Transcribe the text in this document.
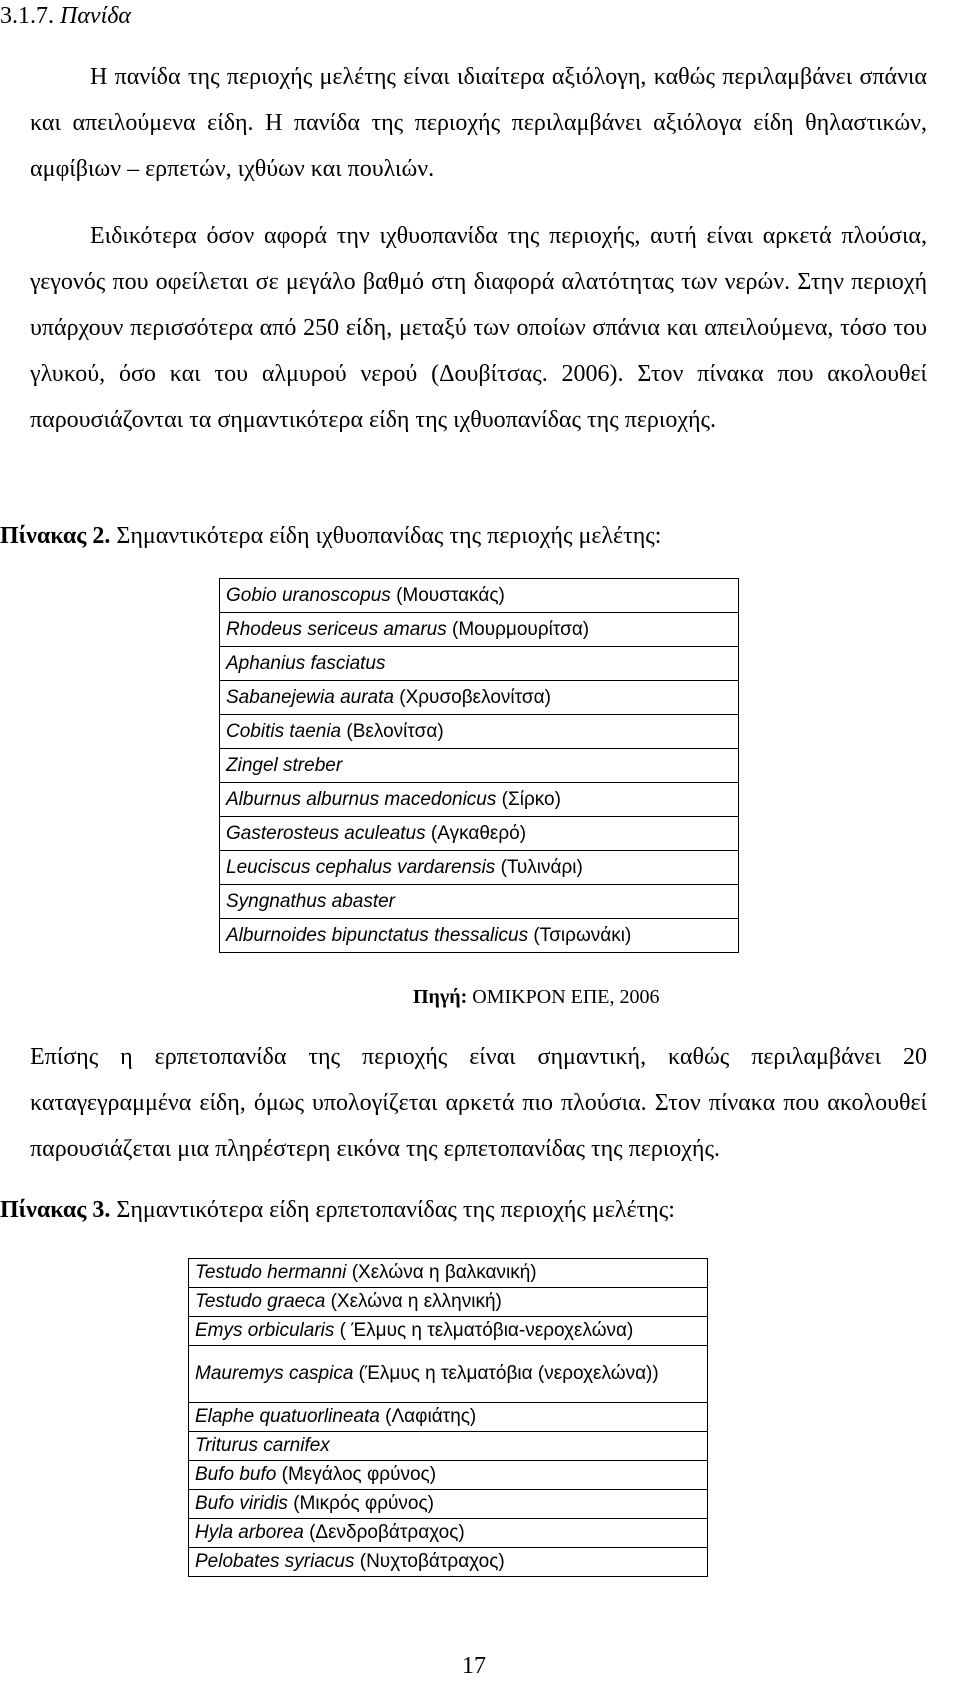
3.1.7. Πανίδα

Η πανίδα της περιοχής μελέτης είναι ιδιαίτερα αξιόλογη, καθώς περιλαμβάνει σπάνια και απειλούμενα είδη. Η πανίδα της περιοχής περιλαμβάνει αξιόλογα είδη θηλαστικών, αμφίβιων – ερπετών, ιχθύων και πουλιών.

Ειδικότερα όσον αφορά την ιχθυοπανίδα της περιοχής, αυτή είναι αρκετά πλούσια, γεγονός που οφείλεται σε μεγάλο βαθμό στη διαφορά αλατότητας των νερών. Στην περιοχή υπάρχουν περισσότερα από 250 είδη, μεταξύ των οποίων σπάνια και απειλούμενα, τόσο του γλυκού, όσο και του αλμυρού νερού (Δουβίτσας. 2006). Στον πίνακα που ακολουθεί παρουσιάζονται τα σημαντικότερα είδη της ιχθυοπανίδας της περιοχής.

Πίνακας 2. Σημαντικότερα είδη ιχθυοπανίδας της περιοχής μελέτης:
Gobio uranoscopus (Μουστακάς)
Rhodeus sericeus amarus (Μουρμουρίτσα)
Aphanius fasciatus
Sabanejewia aurata (Χρυσοβελονίτσα)
Cobitis taenia (Βελονίτσα)
Zingel streber
Alburnus alburnus macedonicus (Σίρκο)
Gasterosteus aculeatus (Αγκαθερό)
Leuciscus cephalus vardarensis (Τυλινάρι)
Syngnathus abaster
Alburnoides bipunctatus thessalicus (Τσιρωνάκι)
Πηγή: ΟΜΙΚΡΟΝ ΕΠΕ, 2006

Επίσης η ερπετοπανίδα της περιοχής είναι σημαντική, καθώς περιλαμβάνει 20 καταγεγραμμένα είδη, όμως υπολογίζεται αρκετά πιο πλούσια. Στον πίνακα που ακολουθεί παρουσιάζεται μια πληρέστερη εικόνα της ερπετοπανίδας της περιοχής.

Πίνακας 3. Σημαντικότερα είδη ερπετοπανίδας της περιοχής μελέτης:
Testudo hermanni (Χελώνα η βαλκανική)
Testudo graeca (Χελώνα η ελληνική)
Emys orbicularis ( Έλμυς η τελματόβια-νεροχελώνα)
Mauremys caspica (Έλμυς η τελματόβια (νεροχελώνα))
Elaphe quatuorlineata (Λαφιάτης)
Triturus carnifex
Bufo bufo (Μεγάλος φρύνος)
Bufo viridis (Μικρός φρύνος)
Hyla arborea (Δενδροβάτραχος)
Pelobates syriacus (Νυχτοβάτραχος)
17
